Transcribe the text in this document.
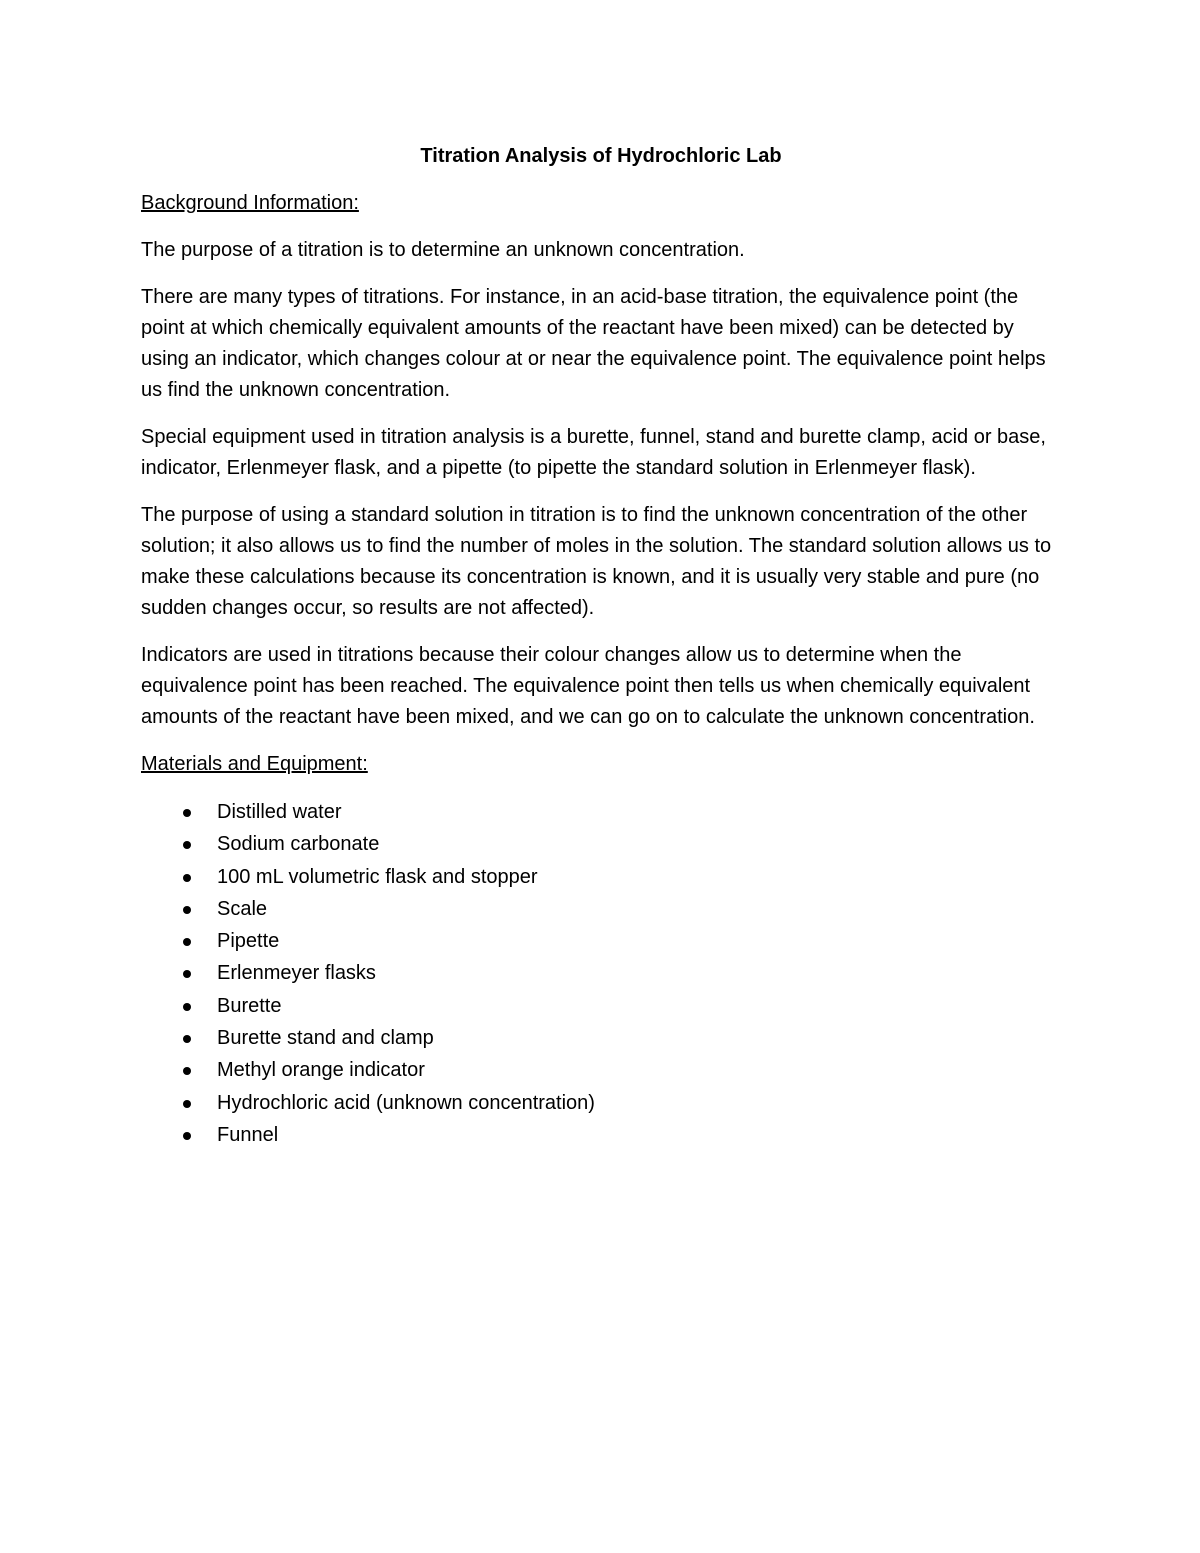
Titration Analysis of Hydrochloric Lab
Background Information:

The purpose of a titration is to determine an unknown concentration.

There are many types of titrations. For instance, in an acid-base titration, the equivalence point (the point at which chemically equivalent amounts of the reactant have been mixed) can be detected by using an indicator, which changes colour at or near the equivalence point. The equivalence point helps us find the unknown concentration.

Special equipment used in titration analysis is a burette, funnel, stand and burette clamp, acid or base, indicator, Erlenmeyer flask, and a pipette (to pipette the standard solution in Erlenmeyer flask).

The purpose of using a standard solution in titration is to find the unknown concentration of the other solution; it also allows us to find the number of moles in the solution. The standard solution allows us to make these calculations because its concentration is known, and it is usually very stable and pure (no sudden changes occur, so results are not affected).

Indicators are used in titrations because their colour changes allow us to determine when the equivalence point has been reached. The equivalence point then tells us when chemically equivalent amounts of the reactant have been mixed, and we can go on to calculate the unknown concentration.

Materials and Equipment:
Distilled water
Sodium carbonate
100 mL volumetric flask and stopper
Scale
Pipette
Erlenmeyer flasks
Burette
Burette stand and clamp
Methyl orange indicator
Hydrochloric acid (unknown concentration)
Funnel
